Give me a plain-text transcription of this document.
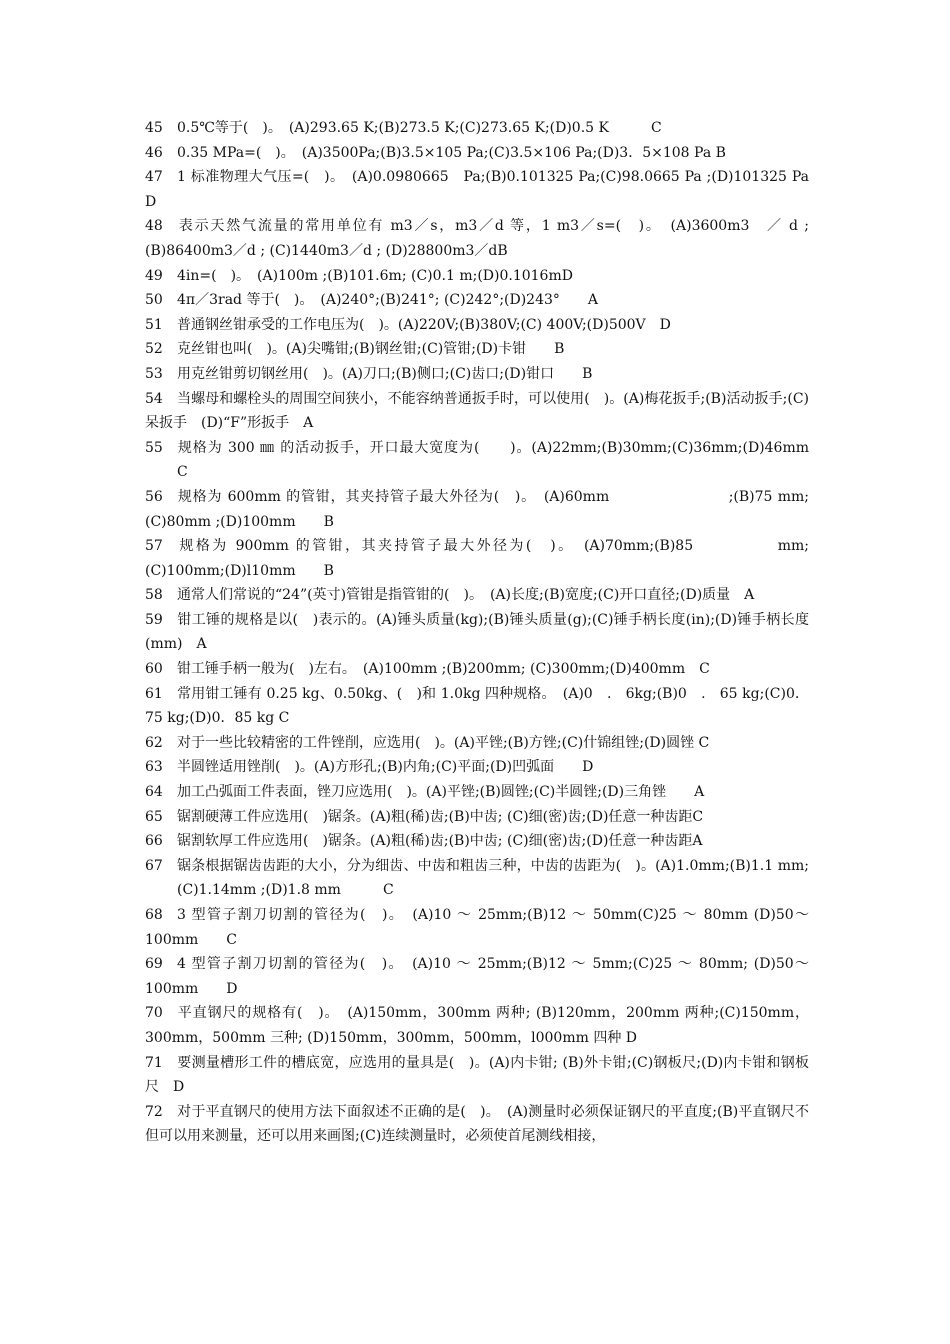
45 0.5℃等于(　)。　(A)293.65 K;(B)273.5 K;(C)273.65 K;(D)0.5 K　　　C
46 0.35 MPa=(　)。　(A)3500Pa;(B)3.5×105 Pa;(C)3.5×106 Pa;(D)3．5×108 Pa B
47 1 标准物理大气压=(　)。　(A)0.0980665　Pa;(B)0.101325 Pa;(C)98.0665 Pa ;(D)101325 Pa　D
48 表示天然气流量的常用单位有 m3／s，m3／d 等，1 m3／s=(　)。　(A)3600m3　／ d ;(B)86400m3／d ; (C)1440m3／d ; (D)28800m3／dB
49 4in=(　)。　(A)100m ;(B)101.6m; (C)0.1 m;(D)0.1016mD
50 4π／3rad 等于(　)。　(A)240°;(B)241°; (C)242°;(D)243°　　A
51 普通钢丝钳承受的工作电压为(　)。(A)220V;(B)380V;(C) 400V;(D)500V　D
52 克丝钳也叫(　)。(A)尖嘴钳;(B)钢丝钳;(C)管钳;(D)卡钳　　B
53 用克丝钳剪切钢丝用(　)。(A)刀口;(B)侧口;(C)齿口;(D)钳口　　B
54 当螺母和螺栓头的周围空间狭小，不能容纳普通扳手时，可以使用(　)。(A)梅花扳手;(B)活动扳手;(C)呆扳手　(D)“F”形扳手　A
55 规格为 300 ㎜ 的活动扳手，开口最大宽度为(　　)。(A)22mm;(B)30mm;(C)36mm;(D)46mm　C
56 规格为 600mm 的管钳，其夹持管子最大外径为(　)。　(A)60mm　　　　　　　　;(B)75 mm;(C)80mm ;(D)100mm　　B
57 规格为 900mm 的管钳，其夹持管子最大外径为(　)。　(A)70mm;(B)85　　　　　mm; (C)100mm;(D)l10mm　　B
58 通常人们常说的“24”(英寸)管钳是指管钳的(　)。　(A)长度;(B)宽度;(C)开口直径;(D)质量　A
59 钳工锤的规格是以(　)表示的。(A)锤头质量(kg);(B)锤头质量(g);(C)锤手柄长度(in);(D)锤手柄长度(mm)　A
60 钳工锤手柄一般为(　)左右。　(A)100mm ;(B)200mm; (C)300mm;(D)400mm　C
61 常用钳工锤有 0.25 kg、0.50kg、(　)和 1.0kg 四种规格。　(A)0　.　6kg;(B)0　.　65 kg;(C)0．75 kg;(D)0．85 kg C
62 对于一些比较精密的工件锉削，应选用(　)。(A)平锉;(B)方锉;(C)什锦组锉;(D)圆锉 C
63 半圆锉适用锉削(　)。(A)方形孔;(B)内角;(C)平面;(D)凹弧面　　D
64 加工凸弧面工件表面，锉刀应选用(　)。(A)平锉;(B)圆锉;(C)半圆锉;(D)三角锉　　A
65 锯割硬薄工件应选用(　)锯条。(A)粗(稀)齿;(B)中齿; (C)细(密)齿;(D)任意一种齿距C
66 锯割软厚工件应选用(　)锯条。(A)粗(稀)齿;(B)中齿; (C)细(密)齿;(D)任意一种齿距A
67 锯条根据锯齿齿距的大小，分为细齿、中齿和粗齿三种，中齿的齿距为(　)。(A)1.0mm;(B)1.1 mm; (C)1.14mm ;(D)1.8 mm　　　C
68 3 型管子割刀切割的管径为(　)。　(A)10 ～ 25mm;(B)12 ～ 50mm(C)25 ～ 80mm (D)50～100mm　　C
69 4 型管子割刀切割的管径为(　)。　(A)10 ～ 25mm;(B)12 ～ 5mm;(C)25 ～ 80mm; (D)50～100mm　　D
70 平直钢尺的规格有(　)。　(A)150mm，300mm 两种; (B)120mm，200mm 两种;(C)150mm，300mm，500mm 三种; (D)150mm，300mm，500mm，l000mm 四种 D
71 要测量槽形工件的槽底宽，应选用的量具是(　)。(A)内卡钳; (B)外卡钳;(C)钢板尺;(D)内卡钳和钢板尺　D
72 对于平直钢尺的使用方法下面叙述不正确的是(　)。　(A)测量时必须保证钢尺的平直度;(B)平直钢尺不但可以用来测量，还可以用来画图;(C)连续测量时，必须使首尾测线相接，
